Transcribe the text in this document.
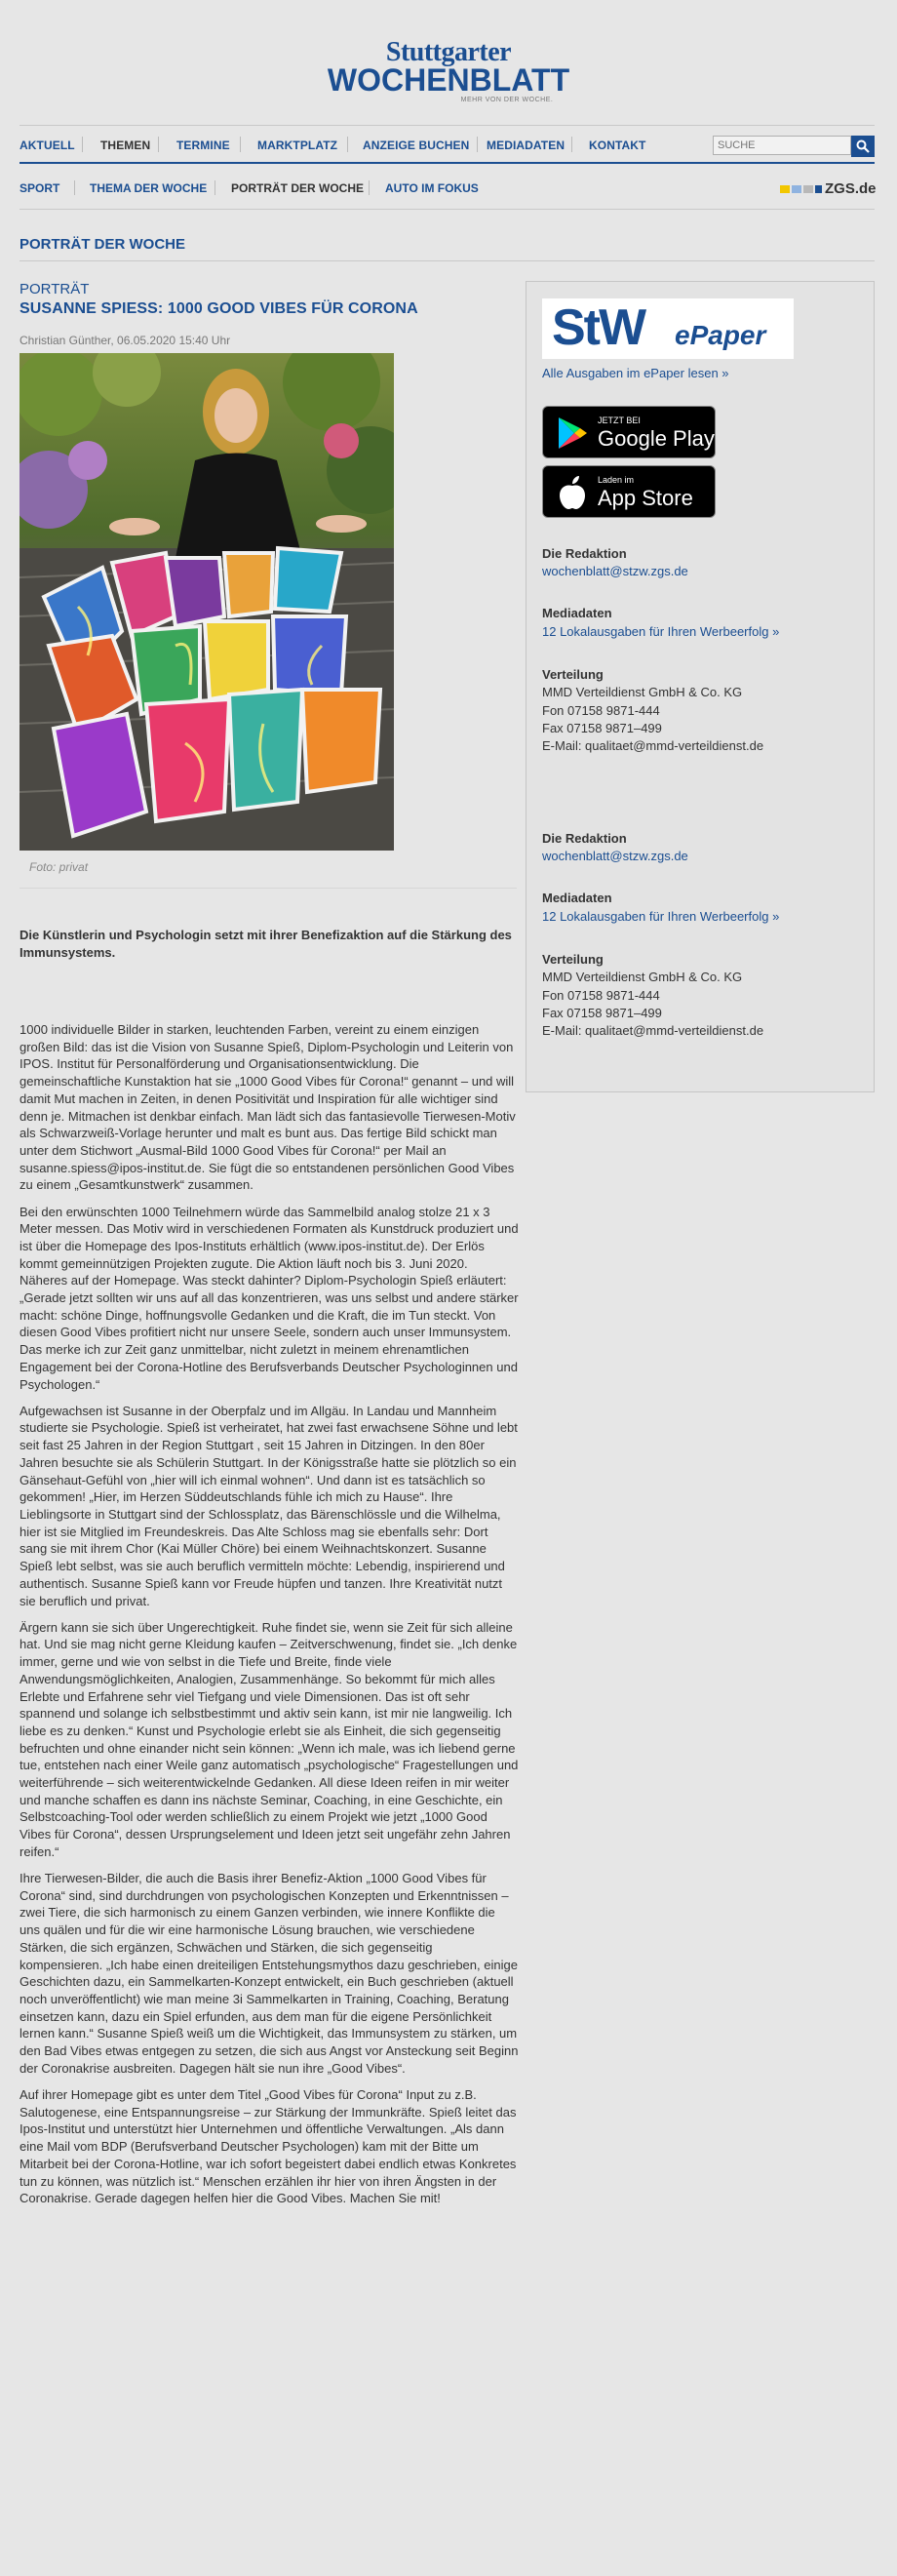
Stuttgarter
WOCHENBLATT
MEHR VON DER WOCHE.
AKTUELL THEMEN TERMINE MARKTPLATZ ANZEIGE BUCHEN MEDIADATEN KONTAKT
SUCHE
SPORT	THEMA DER WOCHE PORTRÄT DER WOCHE AUTO IM FOKUS	ZGS.de
PORTRÄT DER WOCHE
PORTRÄT
SUSANNE SPIESS: 1000 GOOD VIBES FÜR CORONA
Christian Günther, 06.05.2020 15:40 Uhr
Foto: privat

Die Künstlerin und Psychologin setzt mit ihrer Benefizaktion auf die Stärkung des Immunsystems.

1000 individuelle Bilder in starken, leuchtenden Farben, vereint zu einem einzigen großen Bild: das ist die Vision von Susanne Spieß, Diplom-Psychologin und Leiterin von IPOS. Institut für Personalförderung und Organisationsentwicklung. Die gemeinschaftliche Kunstaktion hat sie „1000 Good Vibes für Corona!“ genannt – und will damit Mut machen in Zeiten, in denen Positivität und Inspiration für alle wichtiger sind denn je. Mitmachen ist denkbar einfach. Man lädt sich das fantasievolle Tierwesen-Motiv als Schwarzweiß-Vorlage herunter und malt es bunt aus. Das fertige Bild schickt man unter dem Stichwort „Ausmal-Bild 1000 Good Vibes für Corona!“ per Mail an susanne.spiess@ipos-institut.de. Sie fügt die so entstandenen persönlichen Good Vibes zu einem „Gesamtkunstwerk“ zusammen.

Bei den erwünschten 1000 Teilnehmern würde das Sammelbild analog stolze 21 x 3 Meter messen. Das Motiv wird in verschiedenen Formaten als Kunstdruck produziert und ist über die Homepage des Ipos-Instituts erhältlich (www.ipos-institut.de). Der Erlös kommt gemeinnützigen Projekten zugute. Die Aktion läuft noch bis 3. Juni 2020. Näheres auf der Homepage. Was steckt dahinter? Diplom-Psychologin Spieß erläutert: „Gerade jetzt sollten wir uns auf all das konzentrieren, was uns selbst und andere stärker macht: schöne Dinge, hoffnungsvolle Gedanken und die Kraft, die im Tun steckt. Von diesen Good Vibes profitiert nicht nur unsere Seele, sondern auch unser Immunsystem. Das merke ich zur Zeit ganz unmittelbar, nicht zuletzt in meinem ehrenamtlichen Engagement bei der Corona-Hotline des Berufsverbands Deutscher Psychologinnen und Psychologen.“

Aufgewachsen ist Susanne in der Oberpfalz und im Allgäu. In Landau und Mannheim studierte sie Psychologie. Spieß ist verheiratet, hat zwei fast erwachsene Söhne und lebt seit fast 25 Jahren in der Region Stuttgart , seit 15 Jahren in Ditzingen. In den 80er Jahren besuchte sie als Schülerin Stuttgart. In der Königsstraße hatte sie plötzlich so ein Gänsehaut-Gefühl von „hier will ich einmal wohnen“. Und dann ist es tatsächlich so gekommen! „Hier, im Herzen Süddeutschlands fühle ich mich zu Hause“. Ihre Lieblingsorte in Stuttgart sind der Schlossplatz, das Bärenschlössle und die Wilhelma, hier ist sie Mitglied im Freundeskreis. Das Alte Schloss mag sie ebenfalls sehr: Dort sang sie mit ihrem Chor (Kai Müller Chöre) bei einem Weihnachtskonzert. Susanne Spieß lebt selbst, was sie auch beruflich vermitteln möchte: Lebendig, inspirierend und authentisch. Susanne Spieß kann vor Freude hüpfen und tanzen. Ihre Kreativität nutzt sie beruflich und privat.

Ärgern kann sie sich über Ungerechtigkeit. Ruhe findet sie, wenn sie Zeit für sich alleine hat. Und sie mag nicht gerne Kleidung kaufen – Zeitverschwenung, findet sie. „Ich denke immer, gerne und wie von selbst in die Tiefe und Breite, finde viele Anwendungsmöglichkeiten, Analogien, Zusammenhänge. So bekommt für mich alles Erlebte und Erfahrene sehr viel Tiefgang und viele Dimensionen. Das ist oft sehr spannend und solange ich selbstbestimmt und aktiv sein kann, ist mir nie langweilig. Ich liebe es zu denken.“ Kunst und Psychologie erlebt sie als Einheit, die sich gegenseitig befruchten und ohne einander nicht sein können: „Wenn ich male, was ich liebend gerne tue, entstehen nach einer Weile ganz automatisch „psychologische“ Fragestellungen und weiterführende – sich weiterentwickelnde Gedanken. All diese Ideen reifen in mir weiter und manche schaffen es dann ins nächste Seminar, Coaching, in eine Geschichte, ein Selbstcoaching-Tool oder werden schließlich zu einem Projekt wie jetzt „1000 Good Vibes für Corona“, dessen Ursprungselement und Ideen jetzt seit ungefähr zehn Jahren reifen.“

Ihre Tierwesen-Bilder, die auch die Basis ihrer Benefiz-Aktion „1000 Good Vibes für Corona“ sind, sind durchdrungen von psychologischen Konzepten und Erkenntnissen – zwei Tiere, die sich harmonisch zu einem Ganzen verbinden, wie innere Konflikte die uns quälen und für die wir eine harmonische Lösung brauchen, wie verschiedene Stärken, die sich ergänzen, Schwächen und Stärken, die sich gegenseitig kompensieren. „Ich habe einen dreiteiligen Entstehungsmythos dazu geschrieben, einige Geschichten dazu, ein Sammelkarten-Konzept entwickelt, ein Buch geschrieben (aktuell noch unveröffentlicht) wie man meine 3i Sammelkarten in Training, Coaching, Beratung einsetzen kann, dazu ein Spiel erfunden, aus dem man für die eigene Persönlichkeit lernen kann.“ Susanne Spieß weiß um die Wichtigkeit, das Immunsystem zu stärken, um den Bad Vibes etwas entgegen zu setzen, die sich aus Angst vor Ansteckung seit Beginn der Coronakrise ausbreiten. Dagegen hält sie nun ihre „Good Vibes“.

Auf ihrer Homepage gibt es unter dem Titel „Good Vibes für Corona“ Input zu z.B. Salutogenese, eine Entspannungsreise – zur Stärkung der Immunkräfte. Spieß leitet das Ipos-Institut und unterstützt hier Unternehmen und öffentliche Verwaltungen. „Als dann eine Mail vom BDP (Berufsverband Deutscher Psychologen) kam mit der Bitte um Mitarbeit bei der Corona-Hotline, war ich sofort begeistert dabei endlich etwas Konkretes tun zu können, was nützlich ist.“ Menschen erzählen ihr hier von ihren Ängsten in der Coronakrise. Gerade dagegen helfen hier die Good Vibes. Machen Sie mit!

StW ePaper
Alle Ausgaben im ePaper lesen »
JETZT BEI
Google Play
Laden im
App Store
Die Redaktion
wochenblatt@stzw.zgs.de
Mediadaten
12 Lokalausgaben für Ihren Werbeerfolg »
Verteilung
MMD Verteildienst GmbH & Co. KG
Fon 07158 9871-444
Fax 07158 9871–499
E-Mail: qualitaet@mmd-verteildienst.de
Die Redaktion
wochenblatt@stzw.zgs.de
Mediadaten
12 Lokalausgaben für Ihren Werbeerfolg »
Verteilung
MMD Verteildienst GmbH & Co. KG
Fon 07158 9871-444
Fax 07158 9871–499
E-Mail: qualitaet@mmd-verteildienst.de
